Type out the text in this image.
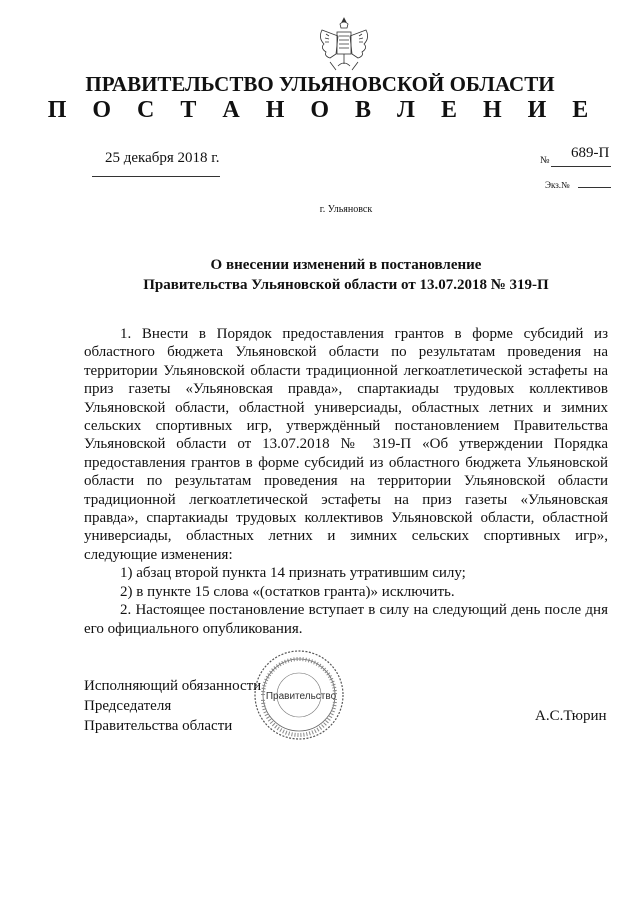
ПРАВИТЕЛЬСТВО УЛЬЯНОВСКОЙ ОБЛАСТИ
П О С Т А Н О В Л Е Н И Е
25 декабря 2018 г.	№ 689-П
Экз.№
г. Ульяновск
О внесении изменений в постановление
Правительства Ульяновской области от 13.07.2018 № 319-П

1. Внести в Порядок предоставления грантов в форме субсидий из областного бюджета Ульяновской области по результатам проведения на территории Ульяновской области традиционной легкоатлетической эстафеты на приз газеты «Ульяновская правда», спартакиады трудовых коллективов Ульяновской области, областной универсиады, областных летних и зимних сельских спортивных игр, утверждённый постановлением Правительства Ульяновской области от 13.07.2018 № 319-П «Об утверждении Порядка предоставления грантов в форме субсидий из областного бюджета Ульяновской области по результатам проведения на территории Ульяновской области традиционной легкоатлетической эстафеты на приз газеты «Ульяновская правда», спартакиады трудовых коллективов Ульяновской области, областной универсиады, областных летних и зимних сельских спортивных игр», следующие изменения:

1) абзац второй пункта 14 признать утратившим силу;

2) в пункте 15 слова «(остатков гранта)» исключить.

2. Настоящее постановление вступает в силу на следующий день после дня его официального опубликования.

Правительство
Исполняющий обязанности
Председателя
Правительства области
А.С.Тюрин
